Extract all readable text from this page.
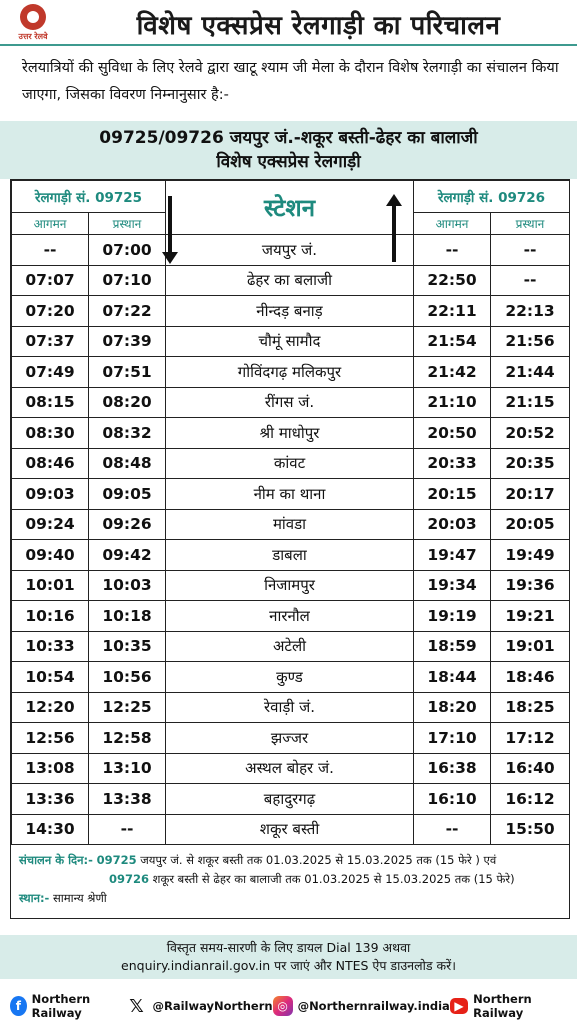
उत्तर रेलवे	विशेष एक्सप्रेस रेलगाड़ी का परिचालन
रेलयात्रियों की सुविधा के लिए रेलवे द्वारा खाटू श्याम जी मेला के दौरान विशेष रेलगाड़ी का संचालन किया जाएगा, जिसका विवरण निम्नानुसार है:-
09725/09726 जयपुर जं.-शकूर बस्ती-ढेहर का बालाजी
विशेष एक्सप्रेस रेलगाड़ी
रेलगाड़ी सं. 09725		स्टेशन	रेलगाड़ी सं. 09726	
आगमन	प्रस्थान		आगमन	प्रस्थान
--	07:00	जयपुर जं.	--	--
07:07	07:10	ढेहर का बलाजी	22:50	--
07:20	07:22	नीन्दड़ बनाड़	22:11	22:13
07:37	07:39	चौमूं सामौद	21:54	21:56
07:49	07:51	गोविंदगढ़ मलिकपुर	21:42	21:44
08:15	08:20	रींगस जं.	21:10	21:15
08:30	08:32	श्री माधोपुर	20:50	20:52
08:46	08:48	कांवट	20:33	20:35
09:03	09:05	नीम का थाना	20:15	20:17
09:24	09:26	मांवडा	20:03	20:05
09:40	09:42	डाबला	19:47	19:49
10:01	10:03	निजामपुर	19:34	19:36
10:16	10:18	नारनौल	19:19	19:21
10:33	10:35	अटेली	18:59	19:01
10:54	10:56	कुण्ड	18:44	18:46
12:20	12:25	रेवाड़ी जं.	18:20	18:25
12:56	12:58	झज्जर	17:10	17:12
13:08	13:10	अस्थल बोहर जं.	16:38	16:40
13:36	13:38	बहादुरगढ़	16:10	16:12
14:30	--	शकूर बस्ती	--	15:50
संचालन के दिन:- 09725 जयपुर जं. से शकूर बस्ती तक 01.03.2025 से 15.03.2025 तक (15 फेरे ) एवं
09726 शकूर बस्ती से ढेहर का बालाजी तक 01.03.2025 से 15.03.2025 तक (15 फेरे)
स्थान:- सामान्य श्रेणी
विस्तृत समय-सारणी के लिए डायल Dial 139 अथवा
enquiry.indianrail.gov.in पर जाएं और NTES ऐप डाउनलोड करें।
f Northern Railway	𝕏 @RailwayNorthern ◎ @Northernrailway.india ▶ Northern Railway
